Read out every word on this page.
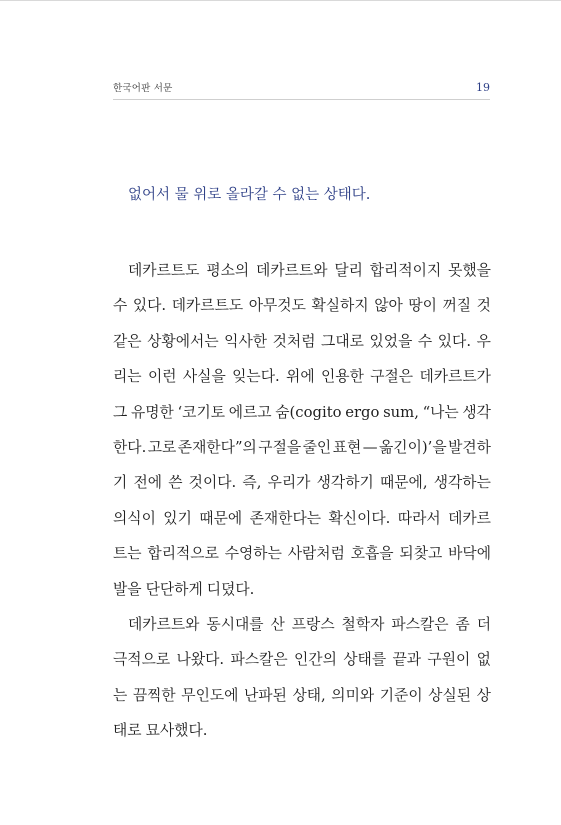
한국어판 서문	19
없어서 물 위로 올라갈 수 없는 상태다.
데카르트도 평소의 데카르트와 달리 합리적이지 못했을
수 있다. 데카르트도 아무것도 확실하지 않아 땅이 꺼질 것
같은 상황에서는 익사한 것처럼 그대로 있었을 수 있다. 우
리는 이런 사실을 잊는다. 위에 인용한 구절은 데카르트가
그 유명한 ‘코기토 에르고 숨(cogito ergo sum, “나는 생각
한다. 고로 존재한다”의 구절을 줄인 표현 — 옮긴이)’을 발견하
기 전에 쓴 것이다. 즉, 우리가 생각하기 때문에, 생각하는
의식이 있기 때문에 존재한다는 확신이다. 따라서 데카르
트는 합리적으로 수영하는 사람처럼 호흡을 되찾고 바닥에
발을 단단하게 디뎠다.
데카르트와 동시대를 산 프랑스 철학자 파스칼은 좀 더
극적으로 나왔다. 파스칼은 인간의 상태를 끝과 구원이 없
는 끔찍한 무인도에 난파된 상태, 의미와 기준이 상실된 상
태로 묘사했다.
